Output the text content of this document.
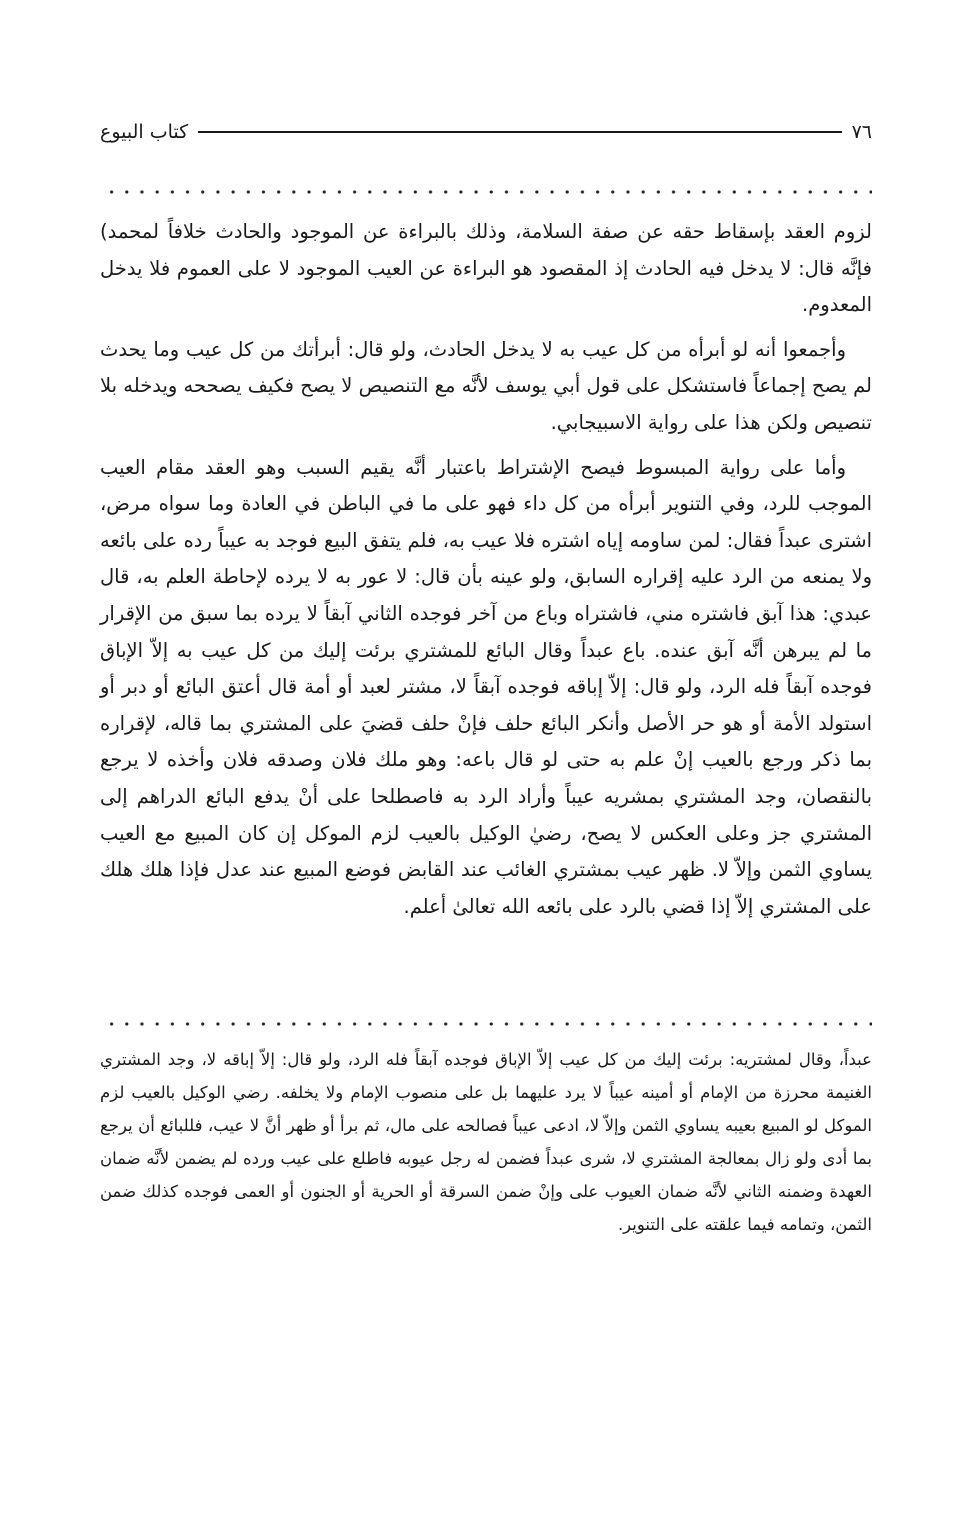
٧٦
كتاب البيوع

لزوم العقد بإسقاط حقه عن صفة السلامة، وذلك بالبراءة عن الموجود والحادث خلافاً لمحمد) فإنَّه قال: لا يدخل فيه الحادث إذ المقصود هو البراءة عن العيب الموجود لا على العموم فلا يدخل المعدوم.

وأجمعوا أنه لو أبرأه من كل عيب به لا يدخل الحادث، ولو قال: أبرأتك من كل عيب وما يحدث لم يصح إجماعاً فاستشكل على قول أبي يوسف لأنَّه مع التنصيص لا يصح فكيف يصححه ويدخله بلا تنصيص ولكن هذا على رواية الاسبيجابي.

وأما على رواية المبسوط فيصح الإشتراط باعتبار أنَّه يقيم السبب وهو العقد مقام العيب الموجب للرد، وفي التنوير أبرأه من كل داء فهو على ما في الباطن في العادة وما سواه مرض، اشترى عبداً فقال: لمن ساومه إياه اشتره فلا عيب به، فلم يتفق البيع فوجد به عيباً رده على بائعه ولا يمنعه من الرد عليه إقراره السابق، ولو عينه بأن قال: لا عور به لا يرده لإحاطة العلم به، قال عبدي: هذا آبق فاشتره مني، فاشتراه وباع من آخر فوجده الثاني آبقاً لا يرده بما سبق من الإقرار ما لم يبرهن أنَّه آبق عنده. باع عبداً وقال البائع للمشتري برئت إليك من كل عيب به إلاّ الإباق فوجده آبقاً فله الرد، ولو قال: إلاّ إباقه فوجده آبقاً لا، مشتر لعبد أو أمة قال أعتق البائع أو دبر أو استولد الأمة أو هو حر الأصل وأنكر البائع حلف فإنْ حلف قضيَ على المشتري بما قاله، لإقراره بما ذكر ورجع بالعيب إنْ علم به حتى لو قال باعه: وهو ملك فلان وصدقه فلان وأخذه لا يرجع بالنقصان، وجد المشتري بمشريه عيباً وأراد الرد به فاصطلحا على أنْ يدفع البائع الدراهم إلى المشتري جز وعلى العكس لا يصح، رضيٰ الوكيل بالعيب لزم الموكل إن كان المبيع مع العيب يساوي الثمن وإلاّ لا. ظهر عيب بمشتري الغائب عند القابض فوضع المبيع عند عدل فإذا هلك هلك على المشتري إلاّ إذا قضي بالرد على بائعه الله تعالىٰ أعلم.

عبداً، وقال لمشتريه: برئت إليك من كل عيب إلاّ الإباق فوجده آبقاً فله الرد، ولو قال: إلاّ إباقه لا، وجد المشتري الغنيمة محرزة من الإمام أو أمينه عيباً لا يرد عليهما بل على منصوب الإمام ولا يخلفه. رضي الوكيل بالعيب لزم الموكل لو المبيع بعيبه يساوي الثمن وإلاّ لا، ادعى عيباً فصالحه على مال، ثم برأ أو ظهر أنَّ لا عيب، فللبائع أن يرجع بما أدى ولو زال بمعالجة المشتري لا، شرى عبداً فضمن له رجل عيوبه فاطلع على عيب ورده لم يضمن لأنَّه ضمان العهدة وضمنه الثاني لأنَّه ضمان العيوب على وإنْ ضمن السرقة أو الحرية أو الجنون أو العمى فوجده كذلك ضمن الثمن، وتمامه فيما علقته على التنوير.
